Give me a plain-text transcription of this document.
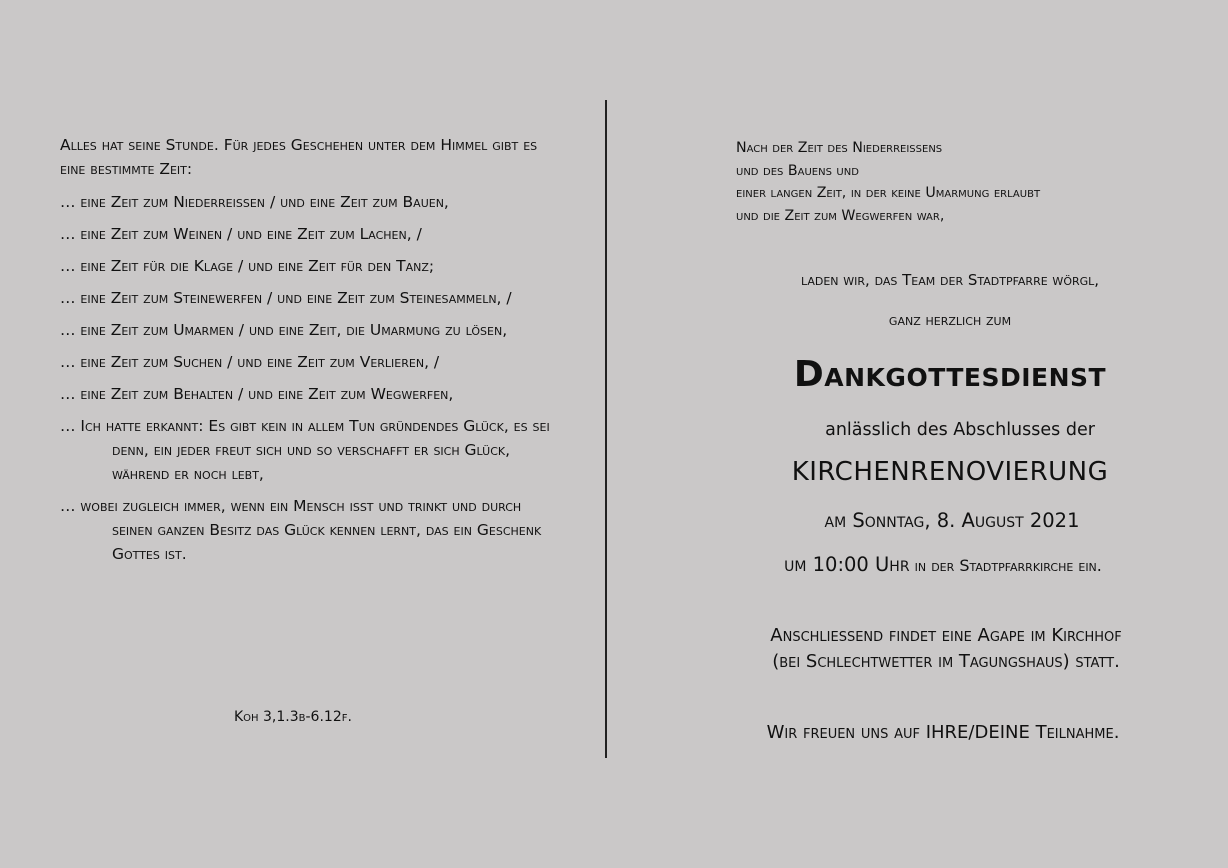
Alles hat seine Stunde. Für jedes Geschehen unter dem Himmel gibt es eine bestimmte Zeit:

… eine Zeit zum Niederreißen / und eine Zeit zum Bauen,

… eine Zeit zum Weinen / und eine Zeit zum Lachen, /

… eine Zeit für die Klage / und eine Zeit für den Tanz;

… eine Zeit zum Steinewerfen / und eine Zeit zum Steinesammeln, /

… eine Zeit zum Umarmen / und eine Zeit, die Umarmung zu lösen,

… eine Zeit zum Suchen / und eine Zeit zum Verlieren, /

… eine Zeit zum Behalten / und eine Zeit zum Wegwerfen,

… Ich hatte erkannt: Es gibt kein in allem Tun gründendes Glück, es sei denn, ein jeder freut sich und so verschafft er sich Glück, während er noch lebt,

… wobei zugleich immer, wenn ein Mensch isst und trinkt und durch seinen ganzen Besitz das Glück kennen lernt, das ein Geschenk Gottes ist.

Koh 3,1.3b-6.12f.
Nach der Zeit des Niederreißens
und des Bauens und
einer langen Zeit, in der keine Umarmung erlaubt
und die Zeit zum Wegwerfen war,
laden wir, das Team der Stadtpfarre wörgl,
ganz herzlich zum
Dankgottesdienst
anlässlich des Abschlusses der
KIRCHENRENOVIERUNG
am Sonntag, 8. August 2021
um 10:00 Uhr in der Stadtpfarrkirche ein.
Anschließend findet eine Agape im Kirchhof
(bei Schlechtwetter im Tagungshaus) statt.
Wir freuen uns auf IHRE/DEINE Teilnahme.
